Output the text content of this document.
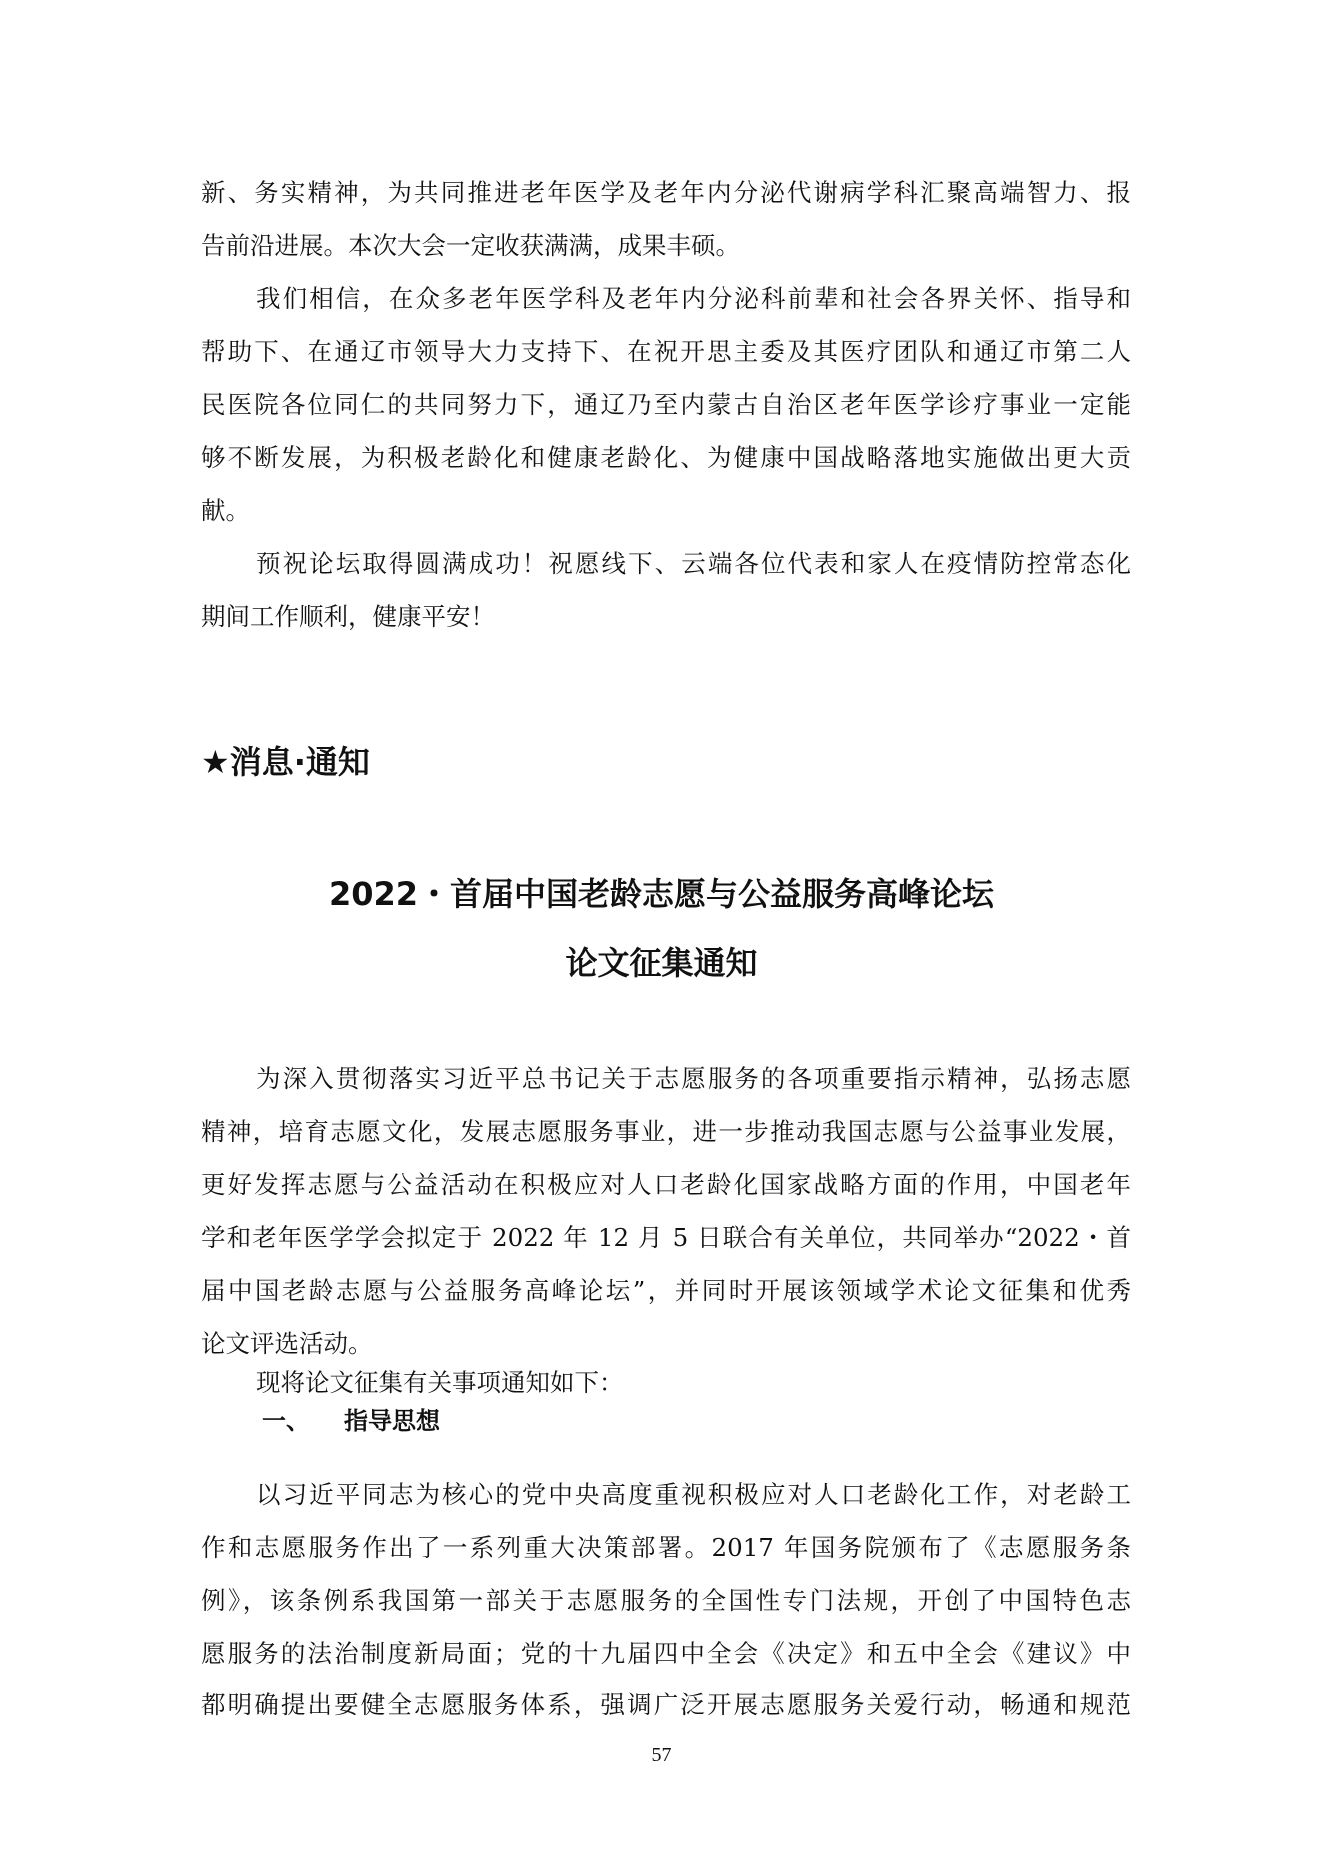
新、务实精神，为共同推进老年医学及老年内分泌代谢病学科汇聚高端智力、报
告前沿进展。本次大会一定收获满满，成果丰硕。
我们相信，在众多老年医学科及老年内分泌科前辈和社会各界关怀、指导和
帮助下、在通辽市领导大力支持下、在祝开思主委及其医疗团队和通辽市第二人
民医院各位同仁的共同努力下，通辽乃至内蒙古自治区老年医学诊疗事业一定能
够不断发展，为积极老龄化和健康老龄化、为健康中国战略落地实施做出更大贡
献。
预祝论坛取得圆满成功！祝愿线下、云端各位代表和家人在疫情防控常态化
期间工作顺利，健康平安！
★消息·通知
2022・首届中国老龄志愿与公益服务高峰论坛
论文征集通知
为深入贯彻落实习近平总书记关于志愿服务的各项重要指示精神，弘扬志愿
精神，培育志愿文化，发展志愿服务事业，进一步推动我国志愿与公益事业发展，
更好发挥志愿与公益活动在积极应对人口老龄化国家战略方面的作用，中国老年
学和老年医学学会拟定于 2022 年 12 月 5 日联合有关单位，共同举办“2022・首
届中国老龄志愿与公益服务高峰论坛”，并同时开展该领域学术论文征集和优秀
论文评选活动。
现将论文征集有关事项通知如下：
一、 指导思想
以习近平同志为核心的党中央高度重视积极应对人口老龄化工作，对老龄工
作和志愿服务作出了一系列重大决策部署。2017 年国务院颁布了《志愿服务条
例》，该条例系我国第一部关于志愿服务的全国性专门法规，开创了中国特色志
愿服务的法治制度新局面；党的十九届四中全会《决定》和五中全会《建议》中
都明确提出要健全志愿服务体系，强调广泛开展志愿服务关爱行动，畅通和规范
57
